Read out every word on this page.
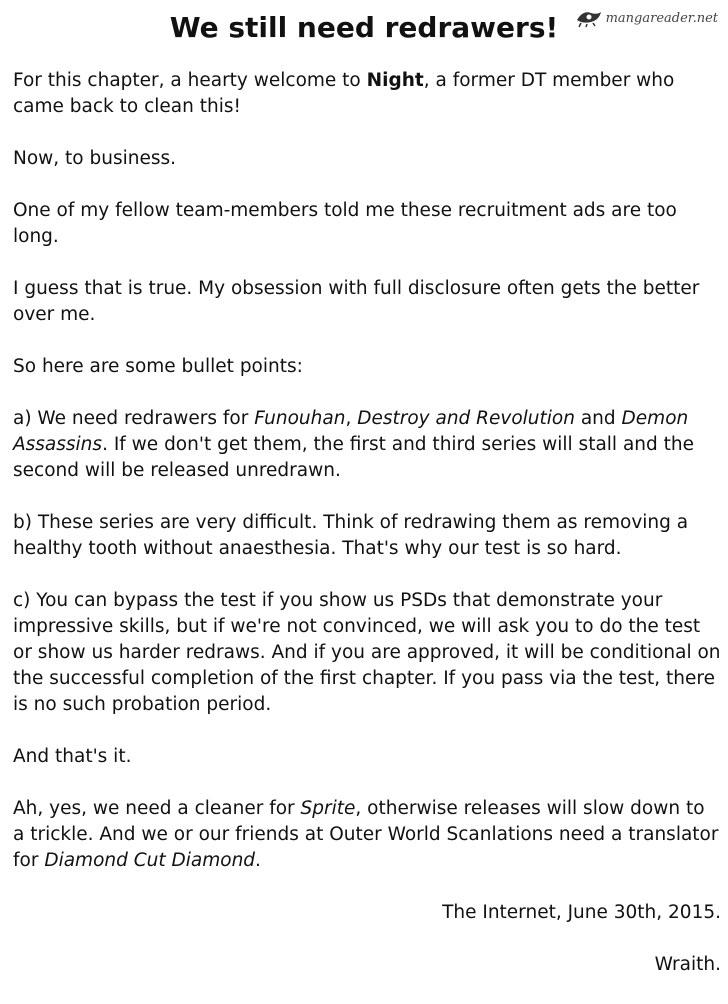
mangareader.net
We still need redrawers!

For this chapter, a hearty welcome to Night, a former DT member who came back to clean this!

Now, to business.

One of my fellow team-members told me these recruitment ads are too long.

I guess that is true. My obsession with full disclosure often gets the better over me.

So here are some bullet points:

a) We need redrawers for Funouhan, Destroy and Revolution and Demon Assassins. If we don't get them, the first and third series will stall and the second will be released unredrawn.

b) These series are very difficult. Think of redrawing them as removing a healthy tooth without anaesthesia. That's why our test is so hard.

c) You can bypass the test if you show us PSDs that demonstrate your impressive skills, but if we're not convinced, we will ask you to do the test or show us harder redraws. And if you are approved, it will be conditional on the successful completion of the first chapter. If you pass via the test, there is no such probation period.

And that's it.

Ah, yes, we need a cleaner for Sprite, otherwise releases will slow down to a trickle. And we or our friends at Outer World Scanlations need a translator for Diamond Cut Diamond.

The Internet, June 30th, 2015.

Wraith.
